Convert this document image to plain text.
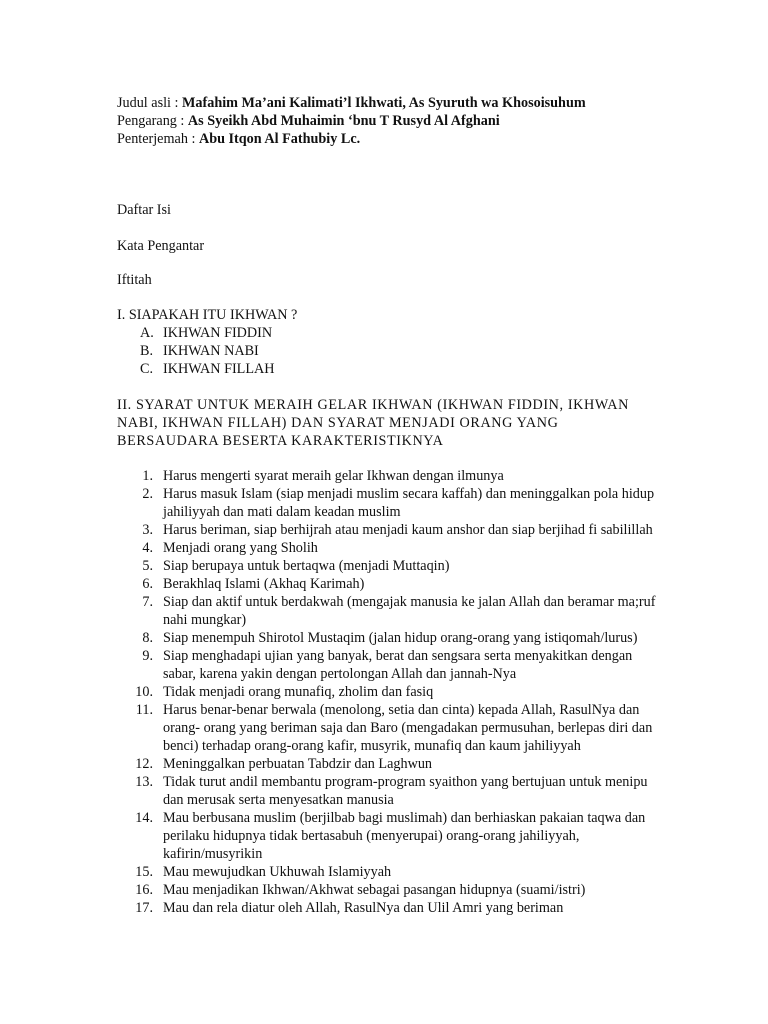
Judul asli : Mafahim Ma’ani Kalimati’l Ikhwati, As Syuruth wa Khosoisuhum
Pengarang : As Syeikh Abd Muhaimin ‘bnu T Rusyd Al Afghani
Penterjemah : Abu Itqon Al Fathubiy Lc.
Daftar Isi
Kata Pengantar
Iftitah
I. SIAPAKAH ITU IKHWAN ?
A. IKHWAN FIDDIN
B. IKHWAN NABI
C. IKHWAN FILLAH
II. SYARAT UNTUK MERAIH GELAR IKHWAN (IKHWAN FIDDIN, IKHWAN NABI, IKHWAN FILLAH) DAN SYARAT MENJADI ORANG YANG BERSAUDARA BESERTA KARAKTERISTIKNYA
1. Harus mengerti syarat meraih gelar Ikhwan dengan ilmunya
2. Harus masuk Islam (siap menjadi muslim secara kaffah) dan meninggalkan pola hidup jahiliyyah dan mati dalam keadan muslim
3. Harus beriman, siap berhijrah atau menjadi kaum anshor dan siap berjihad fi sabilillah
4. Menjadi orang yang Sholih
5. Siap berupaya untuk bertaqwa (menjadi Muttaqin)
6. Berakhlaq Islami (Akhaq Karimah)
7. Siap dan aktif untuk berdakwah (mengajak manusia ke jalan Allah dan beramar ma;ruf nahi mungkar)
8. Siap menempuh Shirotol Mustaqim (jalan hidup orang-orang yang istiqomah/lurus)
9. Siap menghadapi ujian yang banyak, berat dan sengsara serta menyakitkan dengan sabar, karena yakin dengan pertolongan Allah dan jannah-Nya
10. Tidak menjadi orang munafiq, zholim dan fasiq
11. Harus benar-benar berwala (menolong, setia dan cinta) kepada Allah, RasulNya dan orang- orang yang beriman saja dan Baro (mengadakan permusuhan, berlepas diri dan benci) terhadap orang-orang kafir, musyrik, munafiq dan kaum jahiliyyah
12. Meninggalkan perbuatan Tabdzir dan Laghwun
13. Tidak turut andil membantu program-program syaithon yang bertujuan untuk menipu dan merusak serta menyesatkan manusia
14. Mau berbusana muslim (berjilbab bagi muslimah) dan berhiaskan pakaian taqwa dan perilaku hidupnya tidak bertasabuh (menyerupai) orang-orang jahiliyyah, kafirin/musyrikin
15. Mau mewujudkan Ukhuwah Islamiyyah
16. Mau menjadikan Ikhwan/Akhwat sebagai pasangan hidupnya (suami/istri)
17. Mau dan rela diatur oleh Allah, RasulNya dan Ulil Amri yang beriman
